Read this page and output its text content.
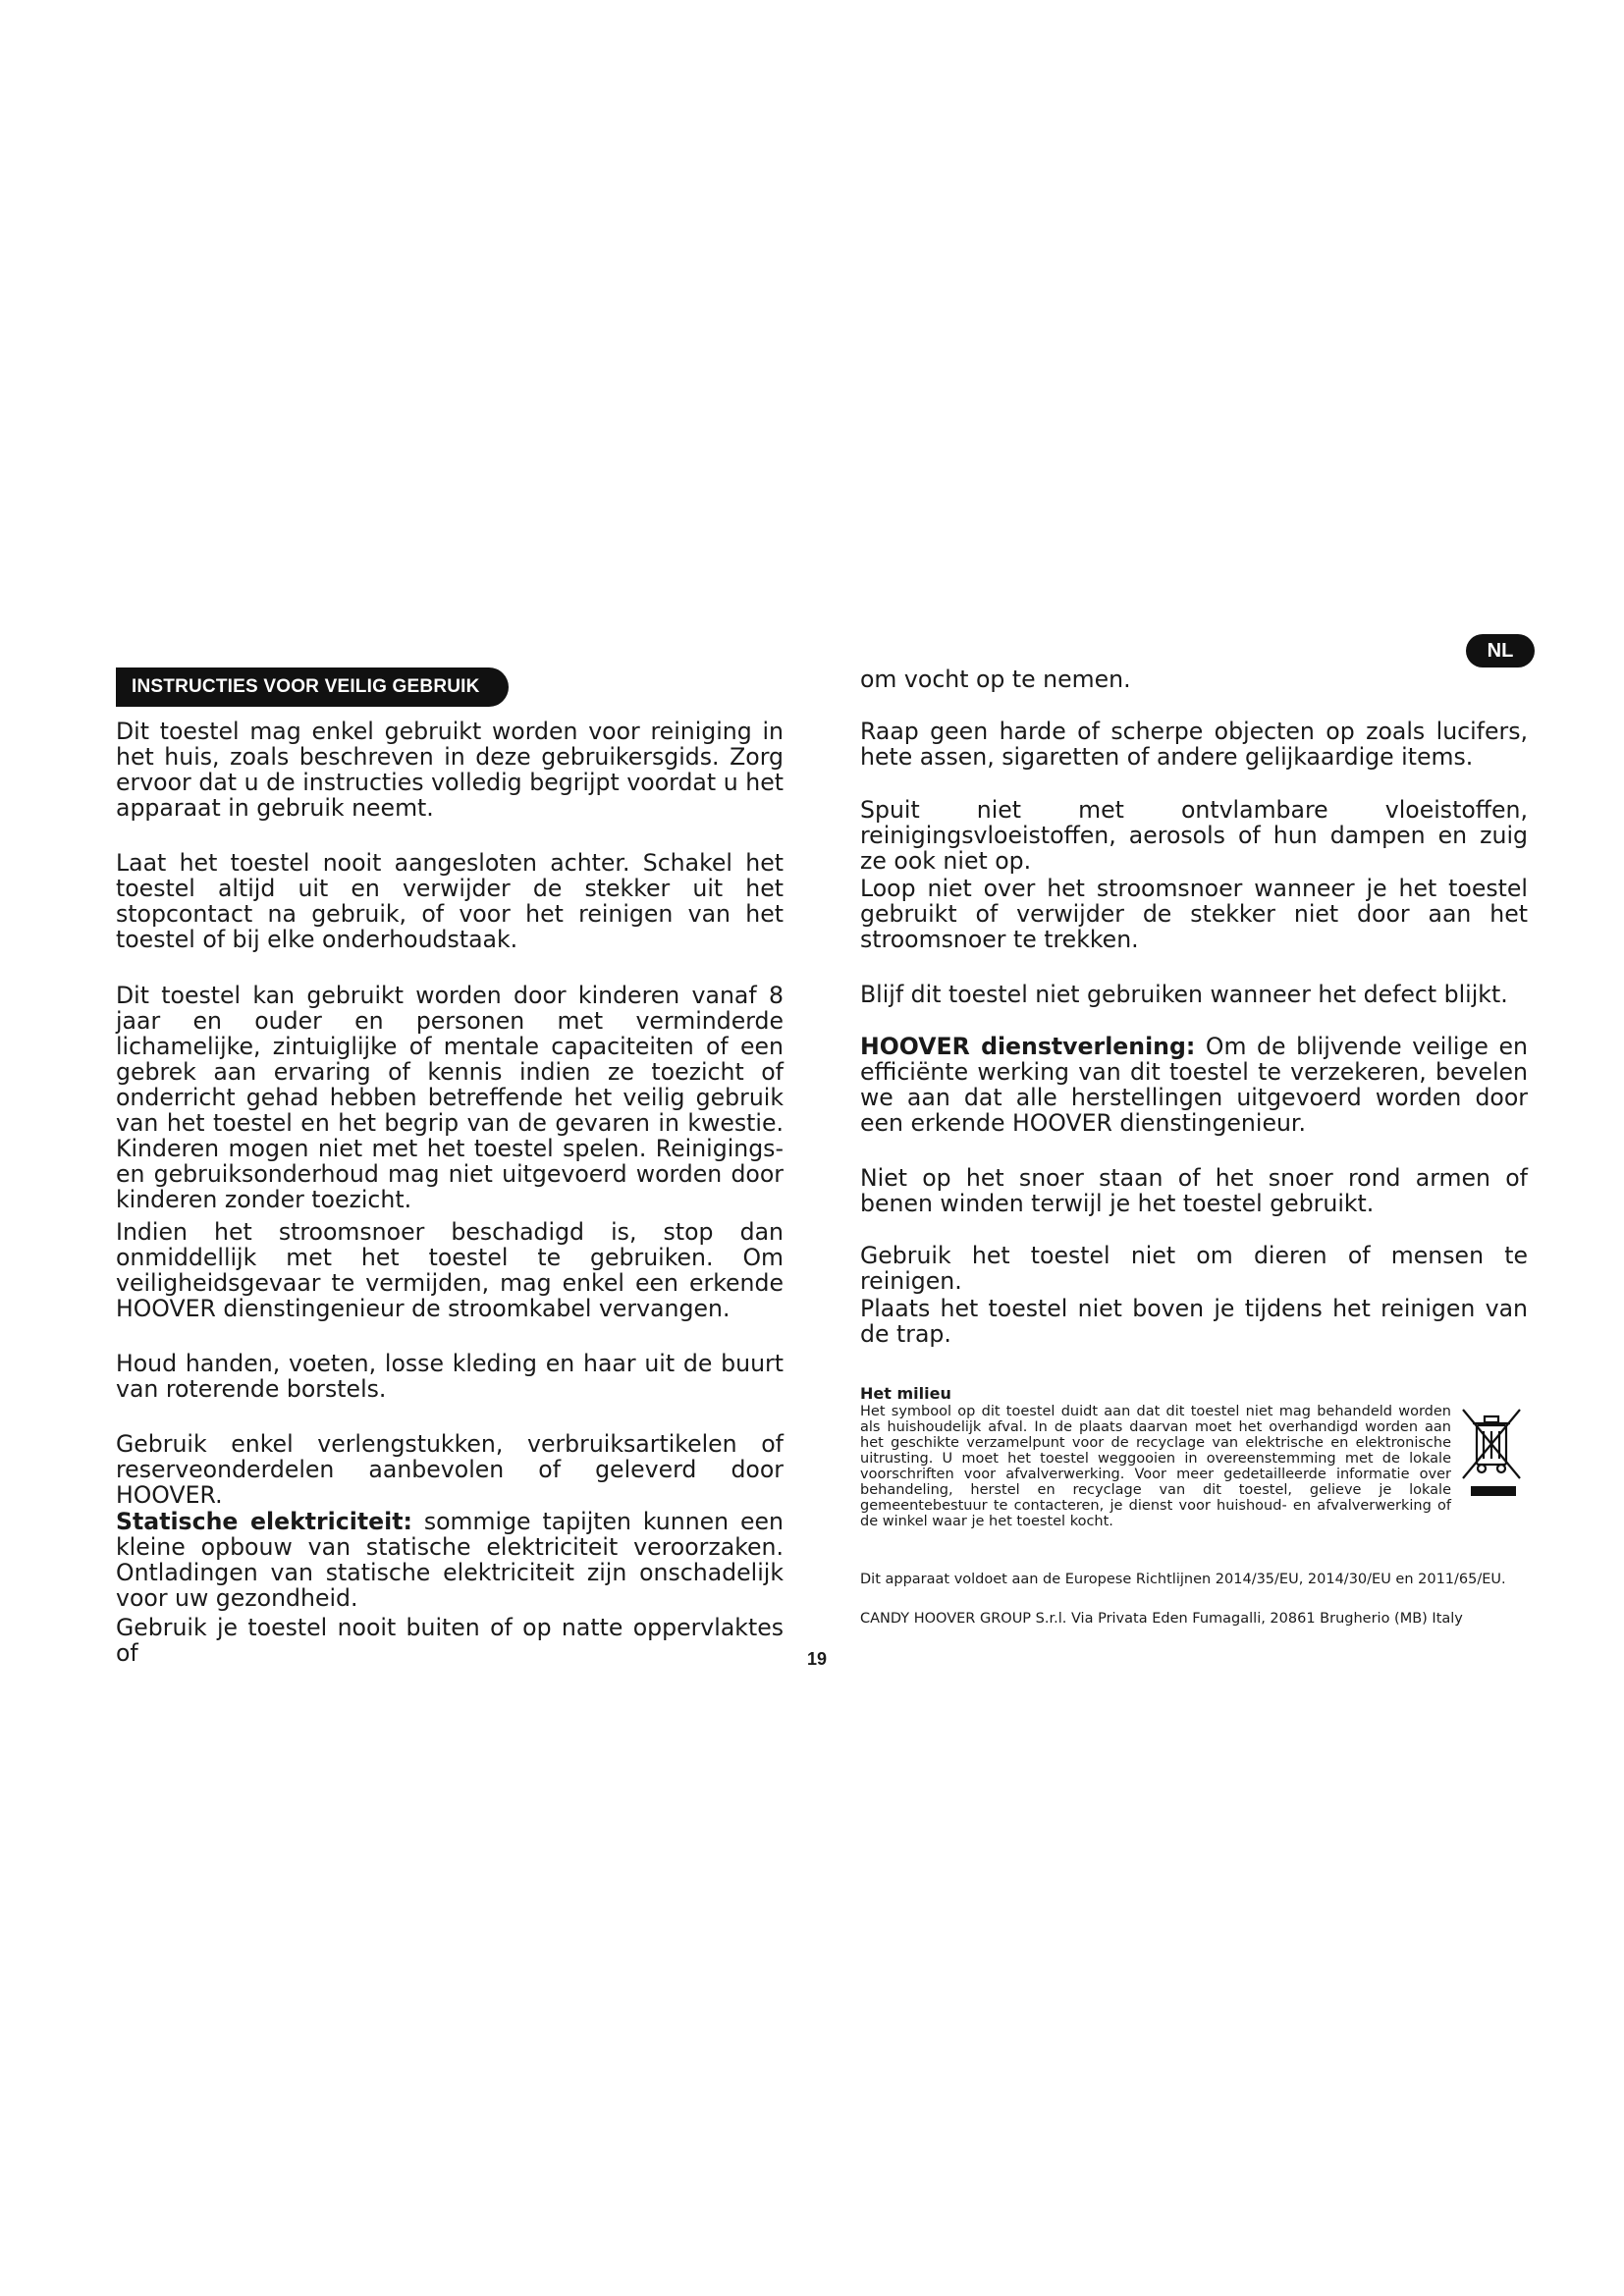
INSTRUCTIES VOOR VEILIG GEBRUIK
NL

Dit toestel mag enkel gebruikt worden voor reiniging in het huis, zoals beschreven in deze gebruikersgids. Zorg ervoor dat u de instructies volledig begrijpt voordat u het apparaat in gebruik neemt.

Laat het toestel nooit aangesloten achter. Schakel het toestel altijd uit en verwijder de stekker uit het stopcontact na gebruik, of voor het reinigen van het toestel of bij elke onderhoudstaak.

Dit toestel kan gebruikt worden door kinderen vanaf 8 jaar en ouder en personen met verminderde lichamelijke, zintuiglijke of mentale capaciteiten of een gebrek aan ervaring of kennis indien ze toezicht of onderricht gehad hebben betreffende het veilig gebruik van het toestel en het begrip van de gevaren in kwestie. Kinderen mogen niet met het toestel spelen. Reinigings- en gebruiksonderhoud mag niet uitgevoerd worden door kinderen zonder toezicht.

Indien het stroomsnoer beschadigd is, stop dan onmiddellijk met het toestel te gebruiken. Om veiligheidsgevaar te vermijden, mag enkel een erkende HOOVER dienstingenieur de stroomkabel vervangen.

Houd handen, voeten, losse kleding en haar uit de buurt van roterende borstels.

Gebruik enkel verlengstukken, verbruiksartikelen of reserveonderdelen aanbevolen of geleverd door HOOVER.

Statische elektriciteit: sommige tapijten kunnen een kleine opbouw van statische elektriciteit veroorzaken. Ontladingen van statische elektriciteit zijn onschadelijk voor uw gezondheid.

Gebruik je toestel nooit buiten of op natte oppervlaktes of

om vocht op te nemen.

Raap geen harde of scherpe objecten op zoals lucifers, hete assen, sigaretten of andere gelijkaardige items.

Spuit niet met ontvlambare vloeistoffen, reinigingsvloeistoffen, aerosols of hun dampen en zuig ze ook niet op.

Loop niet over het stroomsnoer wanneer je het toestel gebruikt of verwijder de stekker niet door aan het stroomsnoer te trekken.

Blijf dit toestel niet gebruiken wanneer het defect blijkt.

HOOVER dienstverlening: Om de blijvende veilige en efficiënte werking van dit toestel te verzekeren, bevelen we aan dat alle herstellingen uitgevoerd worden door een erkende HOOVER dienstingenieur.

Niet op het snoer staan of het snoer rond armen of benen winden terwijl je het toestel gebruikt.

Gebruik het toestel niet om dieren of mensen te reinigen.

Plaats het toestel niet boven je tijdens het reinigen van de trap.

Het milieu
Het symbool op dit toestel duidt aan dat dit toestel niet mag behandeld worden als huishoudelijk afval. In de plaats daarvan moet het overhandigd worden aan het geschikte verzamelpunt voor de recyclage van elektrische en elektronische uitrusting. U moet het toestel weggooien in overeenstemming met de lokale voorschriften voor afvalverwerking. Voor meer gedetailleerde informatie over behandeling, herstel en recyclage van dit toestel, gelieve je lokale gemeentebestuur te contacteren, je dienst voor huishoud- en afvalverwerking of de winkel waar je het toestel kocht.
Dit apparaat voldoet aan de Europese Richtlijnen 2014/35/EU, 2014/30/EU en 2011/65/EU.
CANDY HOOVER GROUP S.r.l. Via Privata Eden Fumagalli, 20861 Brugherio (MB) Italy
19
